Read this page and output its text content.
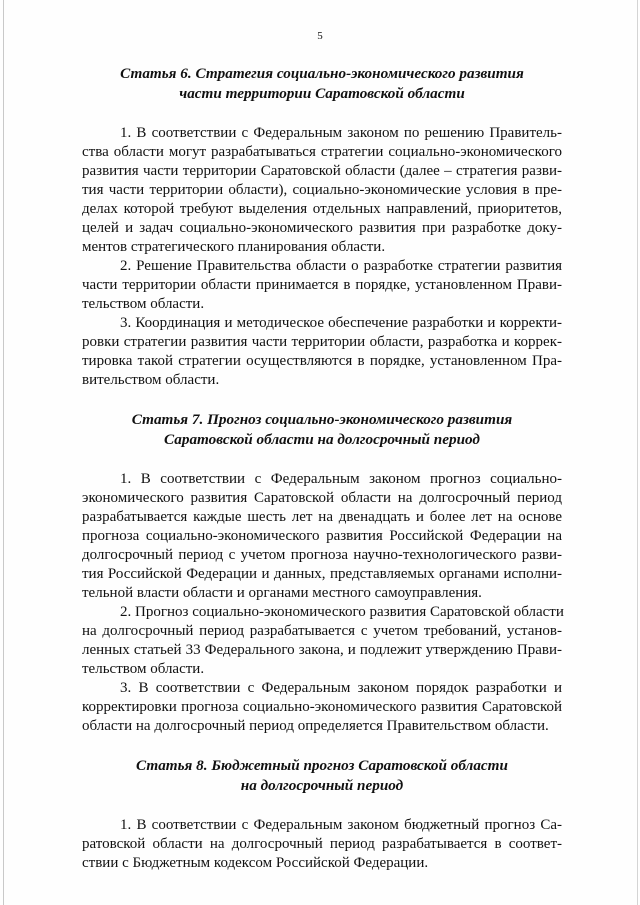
5
Статья 6. Стратегия социально-экономического развития
части территории Саратовской области

1. В соответствии с Федеральным законом по решению Правитель-
ства области могут разрабатываться стратегии социально-экономического
развития части территории Саратовской области (далее – стратегия разви-
тия части территории области), социально-экономические условия в пре-
делах которой требуют выделения отдельных направлений, приоритетов,
целей и задач социально-экономического развития при разработке доку-
ментов стратегического планирования области.

2. Решение Правительства области о разработке стратегии развития
части территории области принимается в порядке, установленном Прави-
тельством области.

3. Координация и методическое обеспечение разработки и корректи-
ровки стратегии развития части территории области, разработка и коррек-
тировка такой стратегии осуществляются в порядке, установленном Пра-
вительством области.

Статья 7. Прогноз социально-экономического развития
Саратовской области на долгосрочный период

1. В соответствии с Федеральным законом прогноз социально-
экономического развития Саратовской области на долгосрочный период
разрабатывается каждые шесть лет на двенадцать и более лет на основе
прогноза социально-экономического развития Российской Федерации на
долгосрочный период с учетом прогноза научно-технологического разви-
тия Российской Федерации и данных, представляемых органами исполни-
тельной власти области и органами местного самоуправления.

2. Прогноз социально-экономического развития Саратовской области
на долгосрочный период разрабатывается с учетом требований, установ-
ленных статьей 33 Федерального закона, и подлежит утверждению Прави-
тельством области.

3. В соответствии с Федеральным законом порядок разработки и
корректировки прогноза социально-экономического развития Саратовской
области на долгосрочный период определяется Правительством области.

Статья 8. Бюджетный прогноз Саратовской области
на долгосрочный период

1. В соответствии с Федеральным законом бюджетный прогноз Са-
ратовской области на долгосрочный период разрабатывается в соответ-
ствии с Бюджетным кодексом Российской Федерации.
